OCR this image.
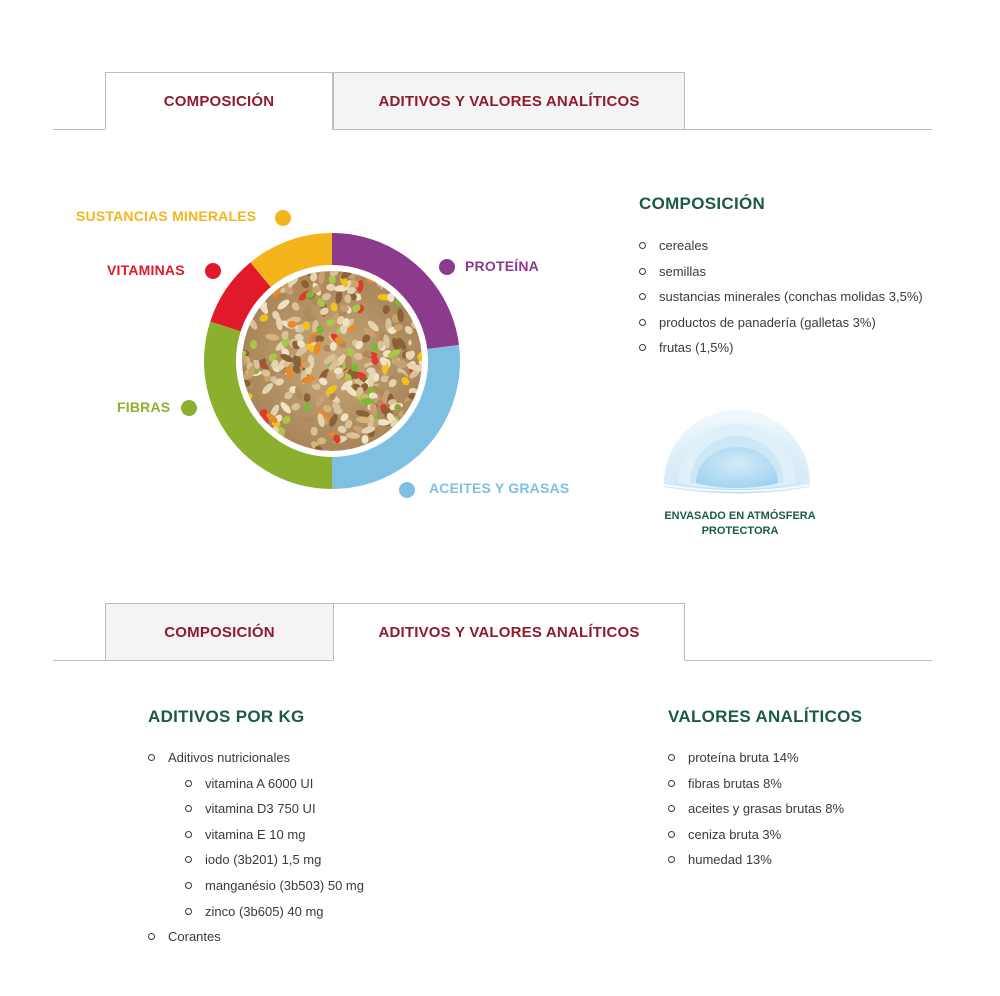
COMPOSICIÓN	ADITIVOS Y VALORES ANALÍTICOS
SUSTANCIAS MINERALES
VITAMINAS	PROTEÍNA
FIBRAS
ACEITES Y GRASAS
COMPOSICIÓN
cereales
semillas
sustancias minerales (conchas molidas 3,5%)
productos de panadería (galletas 3%)
frutas (1,5%)
ENVASADO EN ATMÓSFERA
PROTECTORA
COMPOSICIÓN	ADITIVOS Y VALORES ANALÍTICOS
ADITIVOS POR KG
Aditivos nutricionales
vitamina A 6000 UI
vitamina D3 750 UI
vitamina E 10 mg
iodo (3b201) 1,5 mg
manganésio (3b503) 50 mg
zinco (3b605) 40 mg
Corantes
VALORES ANALÍTICOS
proteína bruta 14%
fibras brutas 8%
aceites y grasas brutas 8%
ceniza bruta 3%
humedad 13%
